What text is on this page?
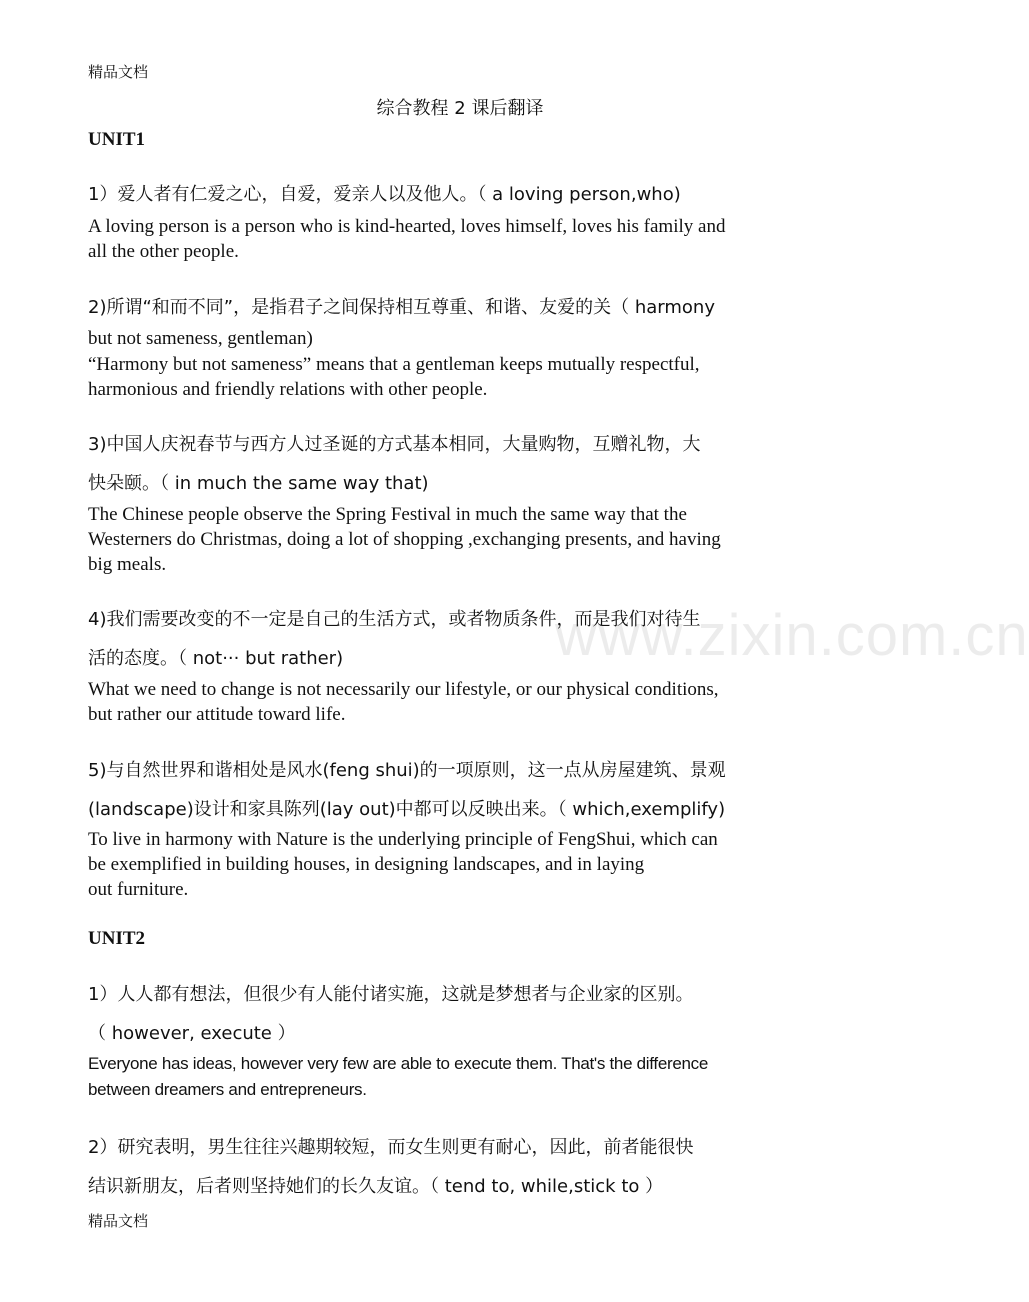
www.zixin.com.cn
精品文档
综合教程 2 课后翻译
UNIT1
1）爱人者有仁爱之心，自爱，爱亲人以及他人。（ a loving person,who)
A loving person is a person who is kind-hearted, loves himself, loves his family and
all the other people.
2)所谓“和而不同”，是指君子之间保持相互尊重、和谐、友爱的关（ harmony
but not sameness, gentleman)
“Harmony but not sameness” means that a gentleman keeps mutually respectful,
harmonious and friendly relations with other people.
3)中国人庆祝春节与西方人过圣诞的方式基本相同，大量购物，互赠礼物，大
快朵颐。（ in much the same way that)
The Chinese people observe the Spring Festival in much the same way that the
Westerners do Christmas, doing a lot of shopping ,exchanging presents, and having
big meals.
4)我们需要改变的不一定是自己的生活方式，或者物质条件，而是我们对待生
活的态度。（ not··· but rather)
What we need to change is not necessarily our lifestyle, or our physical conditions,
but rather our attitude toward life.
5)与自然世界和谐相处是风水(feng shui)的一项原则，这一点从房屋建筑、景观
(landscape)设计和家具陈列(lay out)中都可以反映出来。（ which,exemplify)
To live in harmony with Nature is the underlying principle of FengShui, which can
be exemplified in building houses, in designing landscapes, and in laying
out furniture.
UNIT2
1）人人都有想法，但很少有人能付诸实施，这就是梦想者与企业家的区别。
（ however, execute ）
Everyone has ideas, however very few are able to execute them. That's the difference
between dreamers and entrepreneurs.
2）研究表明，男生往往兴趣期较短，而女生则更有耐心，因此，前者能很快
结识新朋友，后者则坚持她们的长久友谊。（ tend to, while,stick to ）
精品文档
